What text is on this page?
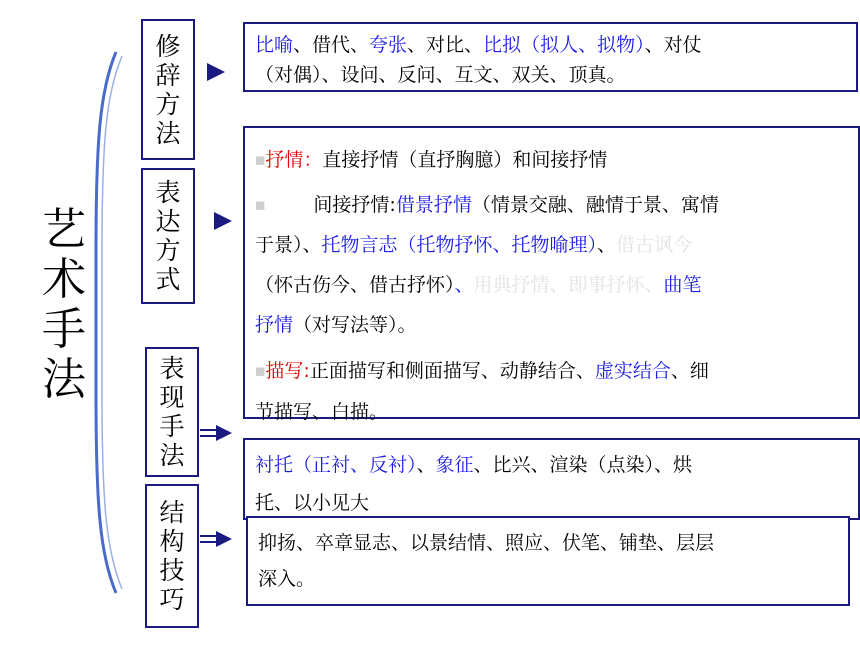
艺术手法
修辞方法
表达方式
表现手法
结构技巧
比喻、借代、夸张、对比、比拟（拟人、拟物）、对仗
（对偶）、设问、反问、互文、双关、顶真。
■抒情：直接抒情（直抒胸臆）和间接抒情
■	间接抒情:借景抒情（情景交融、融情于景、寓情
于景）、托物言志（托物抒怀、托物喻理）、借古讽今
（怀古伤今、借古抒怀）、用典抒情、即事抒怀、曲笔
抒情（对写法等）。
■描写:正面描写和侧面描写、动静结合、虚实结合、细
节描写、白描。
衬托（正衬、反衬）、象征、比兴、渲染（点染）、烘
托、以小见大
抑扬、卒章显志、以景结情、照应、伏笔、铺垫、层层
深入。
